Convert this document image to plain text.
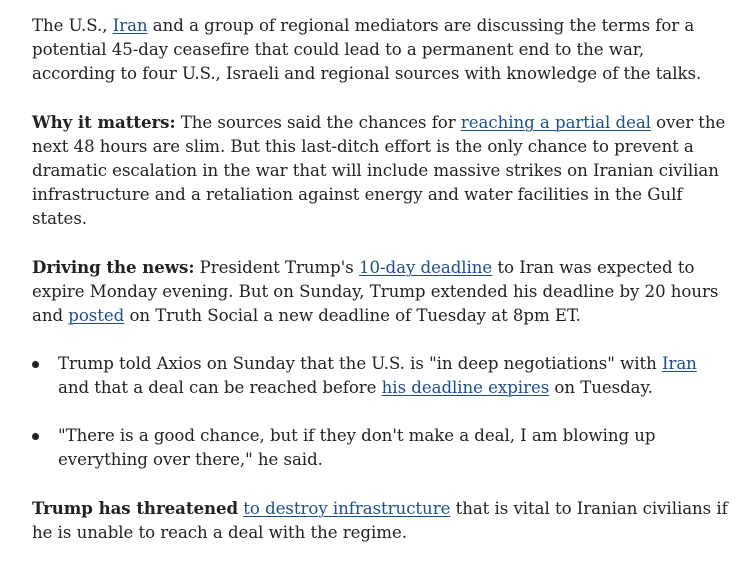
The U.S., Iran and a group of regional mediators are discussing the terms for a potential 45-day ceasefire that could lead to a permanent end to the war, according to four U.S., Israeli and regional sources with knowledge of the talks.

Why it matters: The sources said the chances for reaching a partial deal over the next 48 hours are slim. But this last-ditch effort is the only chance to prevent a dramatic escalation in the war that will include massive strikes on Iranian civilian infrastructure and a retaliation against energy and water facilities in the Gulf states.

Driving the news: President Trump's 10-day deadline to Iran was expected to expire Monday evening. But on Sunday, Trump extended his deadline by 20 hours and posted on Truth Social a new deadline of Tuesday at 8pm ET.

Trump told Axios on Sunday that the U.S. is "in deep negotiations" with Iran and that a deal can be reached before his deadline expires on Tuesday.
"There is a good chance, but if they don't make a deal, I am blowing up everything over there," he said.

Trump has threatened to destroy infrastructure that is vital to Iranian civilians if he is unable to reach a deal with the regime.
